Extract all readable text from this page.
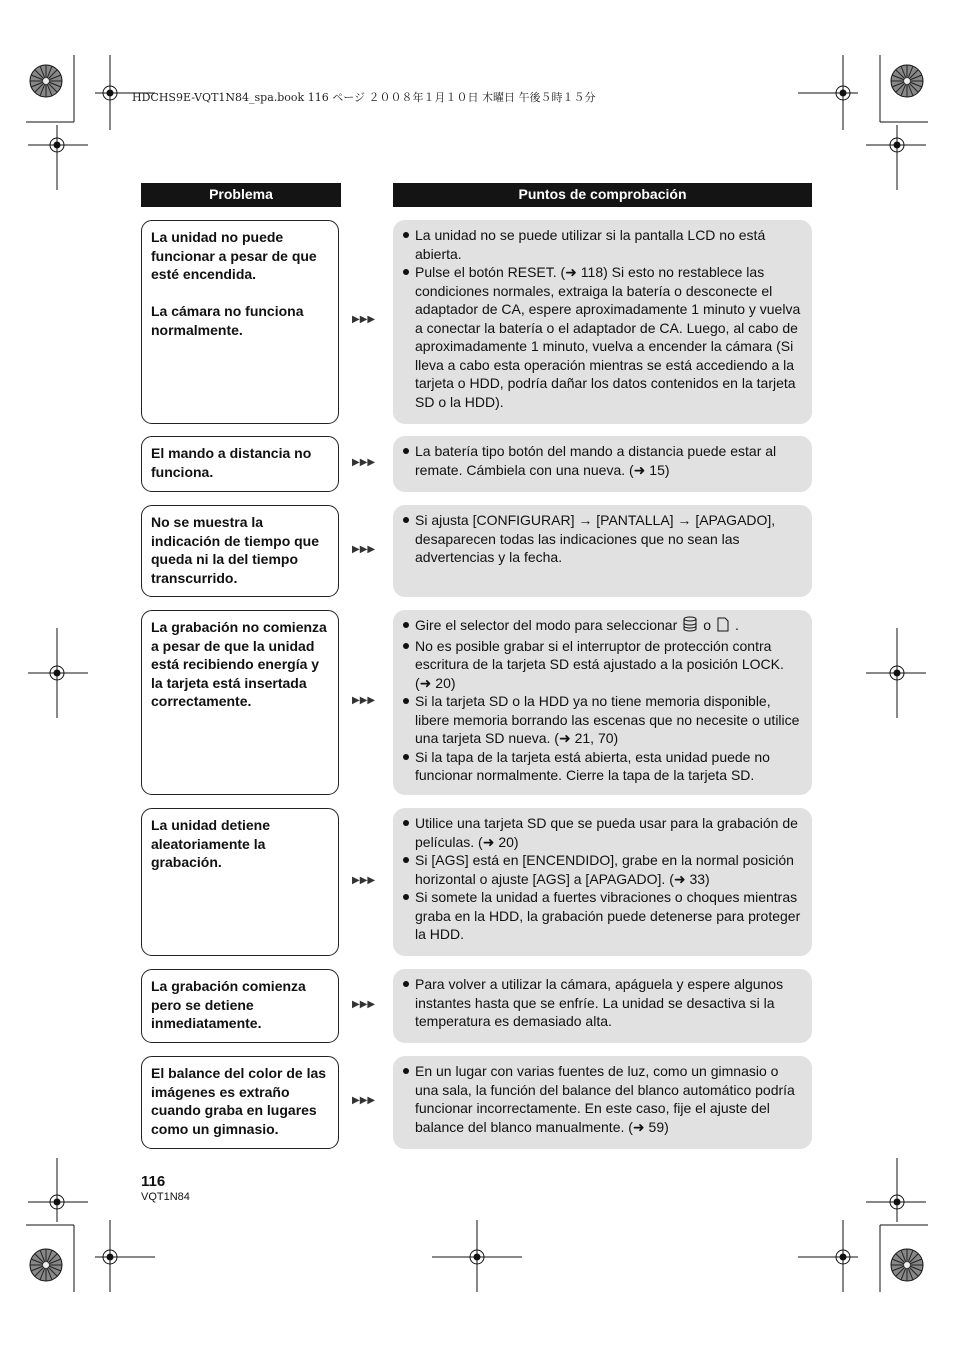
HDCHS9E-VQT1N84_spa.book 116 ページ ２００８年１月１０日 木曜日 午後５時１５分
Problema	Puntos de comprobación

La unidad no puede funcionar a pesar de que esté encendida.

La cámara no funciona normalmente.

▶▶▶
La unidad no se puede utilizar si la pantalla LCD no está abierta.
Pulse el botón RESET. (➜ 118) Si esto no restablece las condiciones normales, extraiga la batería o desconecte el adaptador de CA, espere aproximadamente 1 minuto y vuelva a conectar la batería o el adaptador de CA. Luego, al cabo de aproximadamente 1 minuto, vuelva a encender la cámara (Si lleva a cabo esta operación mientras se está accediendo a la tarjeta o HDD, podría dañar los datos contenidos en la tarjeta SD o la HDD).

El mando a distancia no funciona.

▶▶▶
La batería tipo botón del mando a distancia puede estar al remate. Cámbiela con una nueva. (➜ 15)

No se muestra la indicación de tiempo que queda ni la del tiempo transcurrido.

▶▶▶
Si ajusta [CONFIGURAR] → [PANTALLA] → [APAGADO], desaparecen todas las indicaciones que no sean las advertencias y la fecha.

La grabación no comienza a pesar de que la unidad está recibiendo energía y la tarjeta está insertada correctamente.	▶▶▶
Gire el selector del modo para seleccionar o .
No es posible grabar si el interruptor de protección contra escritura de la tarjeta SD está ajustado a la posición LOCK. (➜ 20)
Si la tarjeta SD o la HDD ya no tiene memoria disponible, libere memoria borrando las escenas que no necesite o utilice una tarjeta SD nueva. (➜ 21, 70)
Si la tapa de la tarjeta está abierta, esta unidad puede no funcionar normalmente. Cierre la tapa de la tarjeta SD.

La unidad detiene aleatoriamente la grabación.

▶▶▶
Utilice una tarjeta SD que se pueda usar para la grabación de películas. (➜ 20)
Si [AGS] está en [ENCENDIDO], grabe en la normal posición horizontal o ajuste [AGS] a [APAGADO]. (➜ 33)
Si somete la unidad a fuertes vibraciones o choques mientras graba en la HDD, la grabación puede detenerse para proteger la HDD.

La grabación comienza pero se detiene inmediatamente.

▶▶▶
Para volver a utilizar la cámara, apáguela y espere algunos instantes hasta que se enfríe. La unidad se desactiva si la temperatura es demasiado alta.

El balance del color de las imágenes es extraño cuando graba en lugares como un gimnasio.

▶▶▶
En un lugar con varias fuentes de luz, como un gimnasio o una sala, la función del balance del blanco automático podría funcionar incorrectamente. En este caso, fije el ajuste del balance del blanco manualmente. (➜ 59)
116
VQT1N84
